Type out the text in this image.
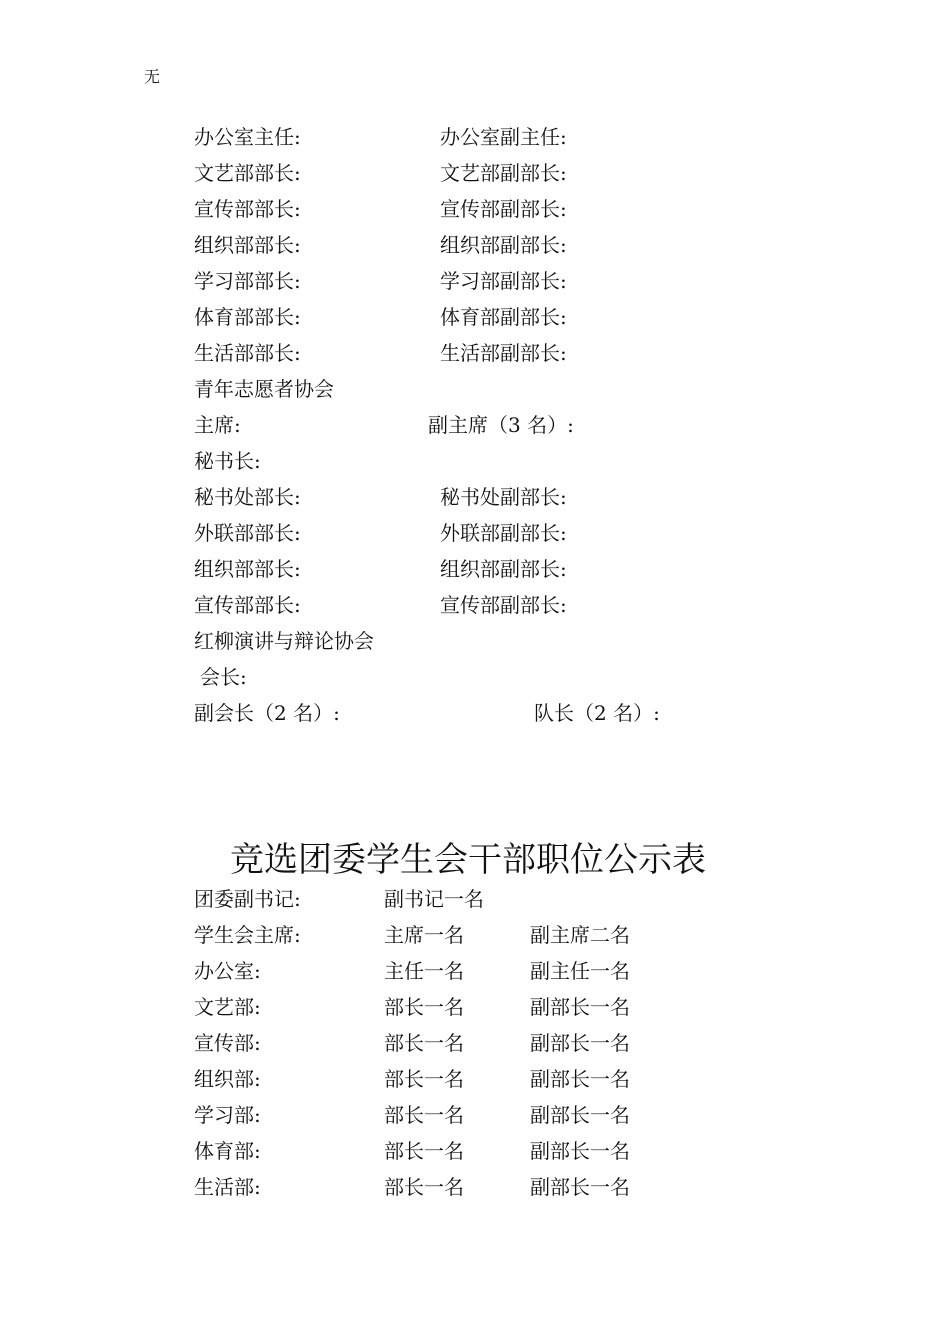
无
办公室主任:	办公室副主任:
文艺部部长:	文艺部副部长:
宣传部部长:	宣传部副部长:
组织部部长:	组织部副部长:
学习部部长:	学习部副部长:
体育部部长:	体育部副部长:
生活部部长:	生活部副部长:
青年志愿者协会
主席:	副主席（3 名）:
秘书长:
秘书处部长:	秘书处副部长:
外联部部长:	外联部副部长:
组织部部长:	组织部副部长:
宣传部部长:	宣传部副部长:
红柳演讲与辩论协会
会长:
副会长（2 名）:	队长（2 名）:
竞选团委学生会干部职位公示表
团委副书记:	副书记一名
学生会主席:	主席一名	副主席二名
办公室:	主任一名	副主任一名
文艺部:	部长一名	副部长一名
宣传部:	部长一名	副部长一名
组织部:	部长一名	副部长一名
学习部:	部长一名	副部长一名
体育部:	部长一名	副部长一名
生活部:	部长一名	副部长一名
